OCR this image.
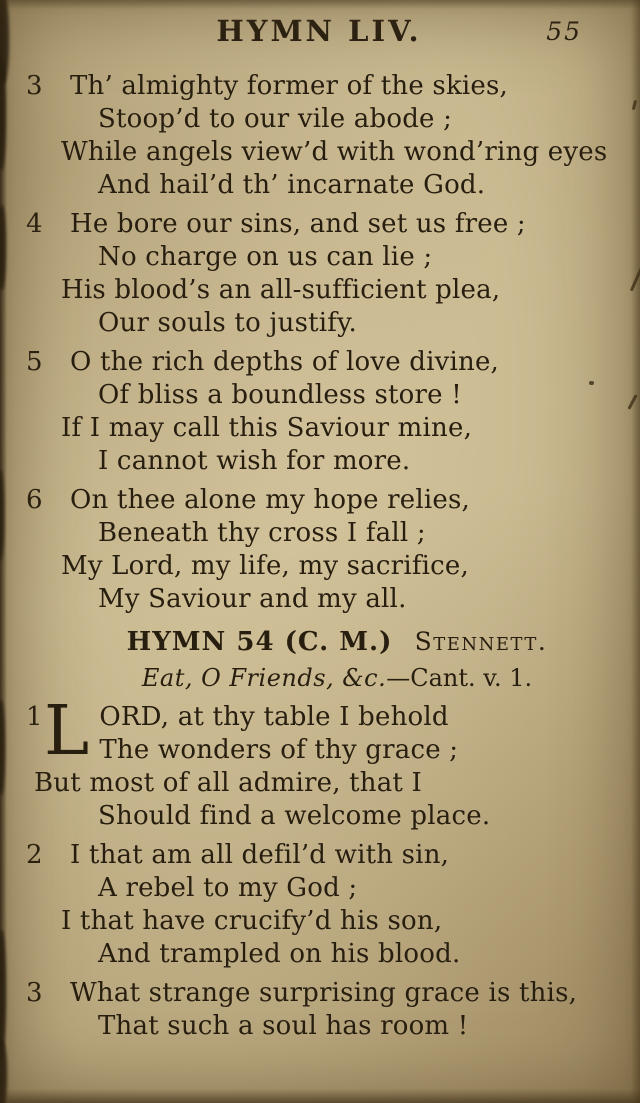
HYMN LIV.	55
3 Th’ almighty former of the skies,
Stoop’d to our vile abode ;
While angels view’d with wond’ring eyes
And hail’d th’ incarnate God.
4 He bore our sins, and set us free ;
No charge on us can lie ;
His blood’s an all-sufficient plea,
Our souls to justify.
5 O the rich depths of love divine,
Of bliss a boundless store !
If I may call this Saviour mine,
I cannot wish for more.
6 On thee alone my hope relies,
Beneath thy cross I fall ;
My Lord, my life, my sacrifice,
My Saviour and my all.
HYMN 54 (C. M.) Stennett.
Eat, O Friends, &c.—Cant. v. 1.
1 L ORD, at thy table I behold
The wonders of thy grace ;
But most of all admire, that I
Should find a welcome place.
2 I that am all defil’d with sin,
A rebel to my God ;
I that have crucify’d his son,
And trampled on his blood.
3 What strange surprising grace is this,
That such a soul has room !
